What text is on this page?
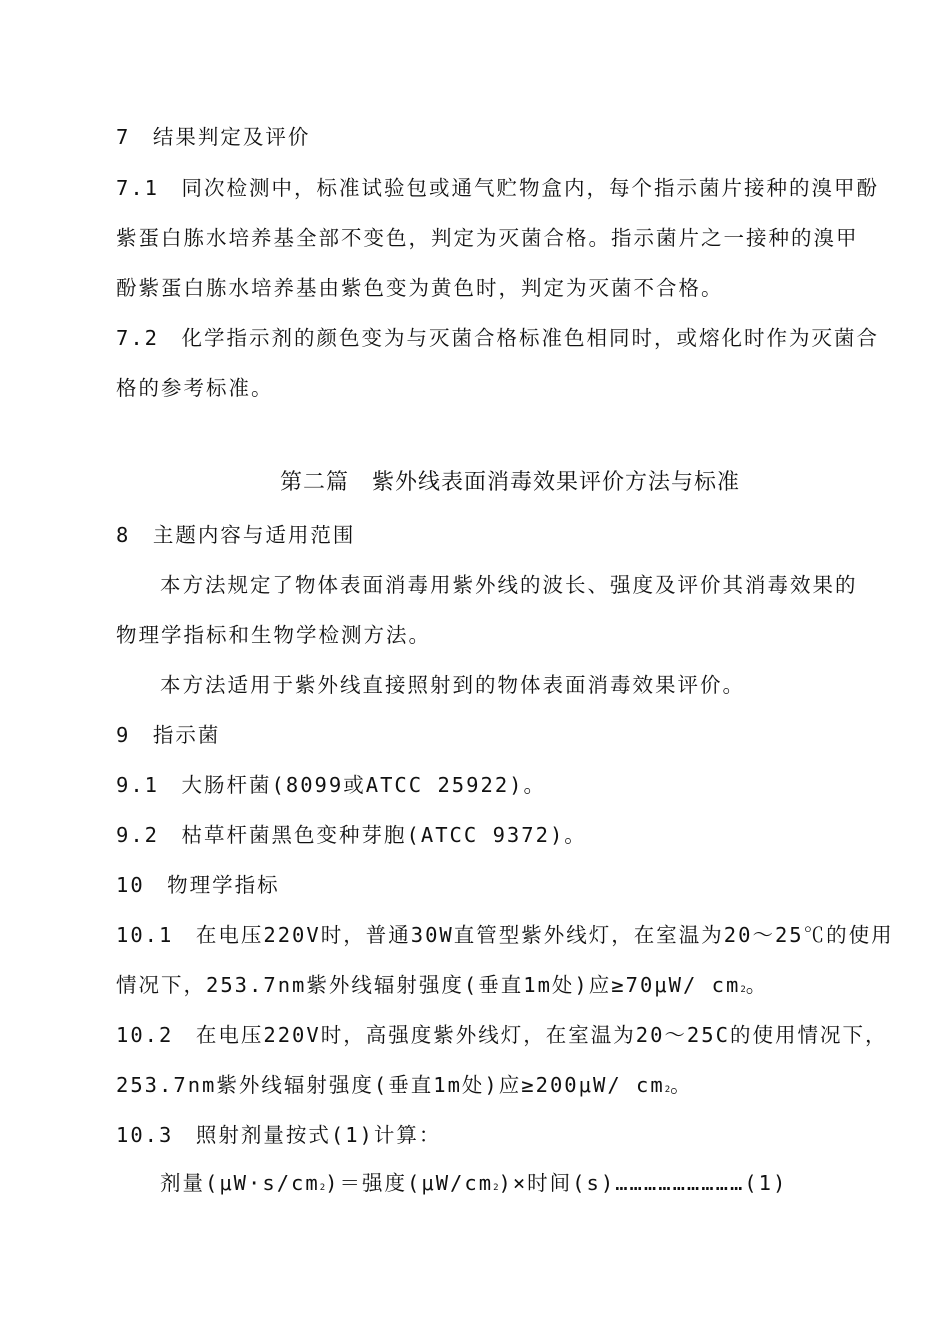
7　结果判定及评价
7.1　同次检测中，标准试验包或通气贮物盒内，每个指示菌片接种的溴甲酚
紫蛋白胨水培养基全部不变色，判定为灭菌合格。指示菌片之一接种的溴甲
酚紫蛋白胨水培养基由紫色变为黄色时，判定为灭菌不合格。
7.2　化学指示剂的颜色变为与灭菌合格标准色相同时，或熔化时作为灭菌合
格的参考标准。
第二篇　紫外线表面消毒效果评价方法与标准
8　主题内容与适用范围
本方法规定了物体表面消毒用紫外线的波长、强度及评价其消毒效果的
物理学指标和生物学检测方法。
本方法适用于紫外线直接照射到的物体表面消毒效果评价。
9　指示菌
9.1　大肠杆菌(8099或ATCC 25922)。
9.2　枯草杆菌黑色变种芽胞(ATCC 9372)。
10　物理学指标
10.1　在电压220V时，普通30W直管型紫外线灯，在室温为20～25℃的使用
情况下，253.7nm紫外线辐射强度(垂直1m处)应≥70μW/ cm2。
10.2　在电压220V时，高强度紫外线灯，在室温为20～25C的使用情况下，
253.7nm紫外线辐射强度(垂直1m处)应≥200μW/ cm2。
10.3　照射剂量按式(1)计算：
剂量(μW·s/cm2)＝强度(μW/cm2)×时间(s)………………………(1)
